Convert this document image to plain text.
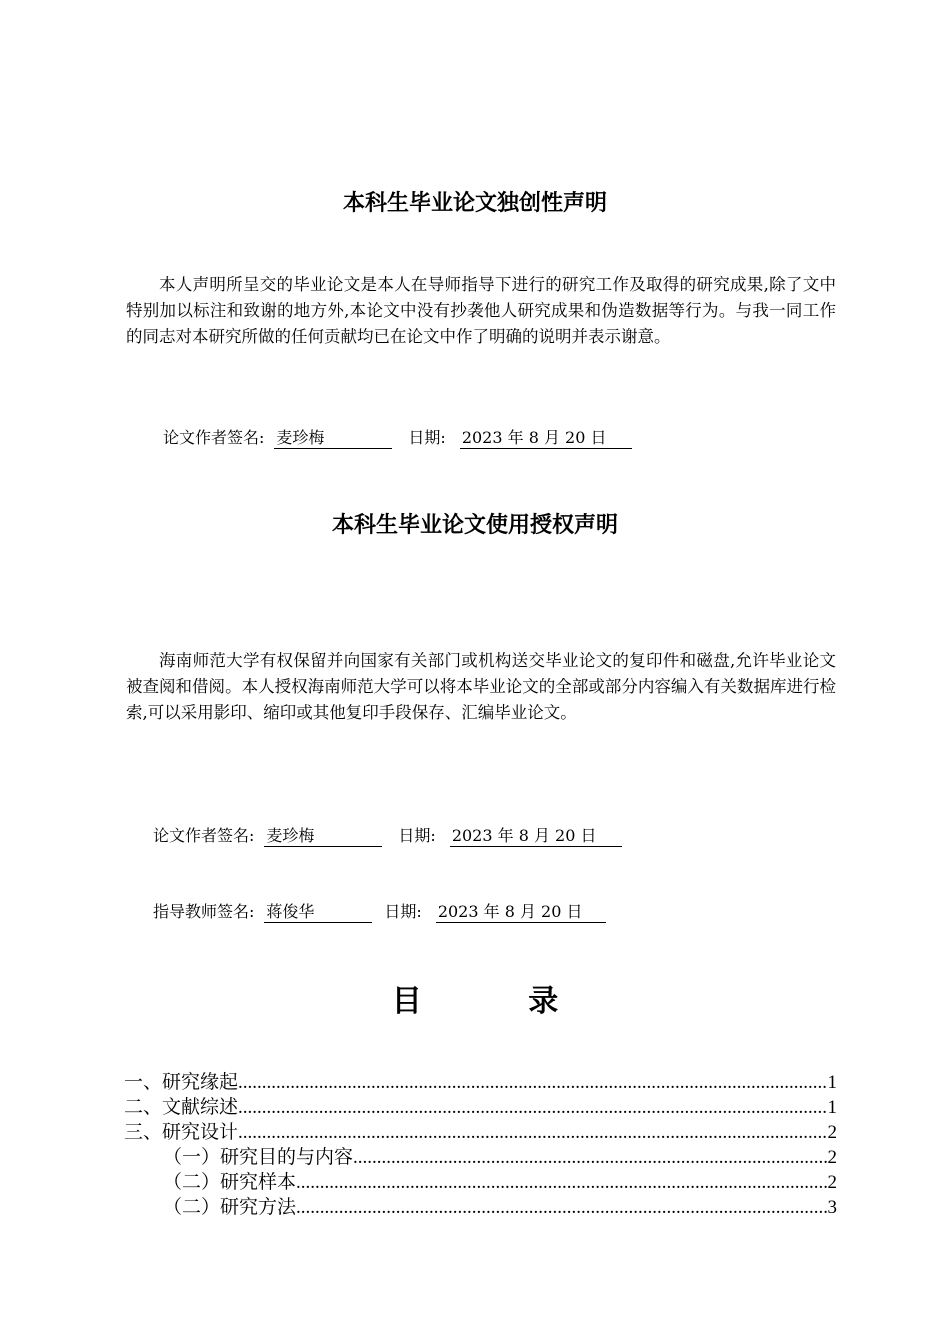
本科生毕业论文独创性声明

本人声明所呈交的毕业论文是本人在导师指导下进行的研究工作及取得的研究成果,除了文中特别加以标注和致谢的地方外,本论文中没有抄袭他人研究成果和伪造数据等行为。与我一同工作的同志对本研究所做的任何贡献均已在论文中作了明确的说明并表示谢意。

论文作者签名: 麦珍梅	日期: 2023 年 8 月 20 日
本科生毕业论文使用授权声明

海南师范大学有权保留并向国家有关部门或机构送交毕业论文的复印件和磁盘,允许毕业论文被查阅和借阅。本人授权海南师范大学可以将本毕业论文的全部或部分内容编入有关数据库进行检索,可以采用影印、缩印或其他复印手段保存、汇编毕业论文。

论文作者签名: 麦珍梅	日期: 2023 年 8 月 20 日
指导教师签名: 蒋俊华	日期: 2023 年 8 月 20 日
目 录
一、研究缘起 .....	1
二、文献综述 .....	1
三、研究设计 .....	2
（一）研究目的与内容 .....	2
（二）研究样本 .....	2
（二）研究方法 .....	3
